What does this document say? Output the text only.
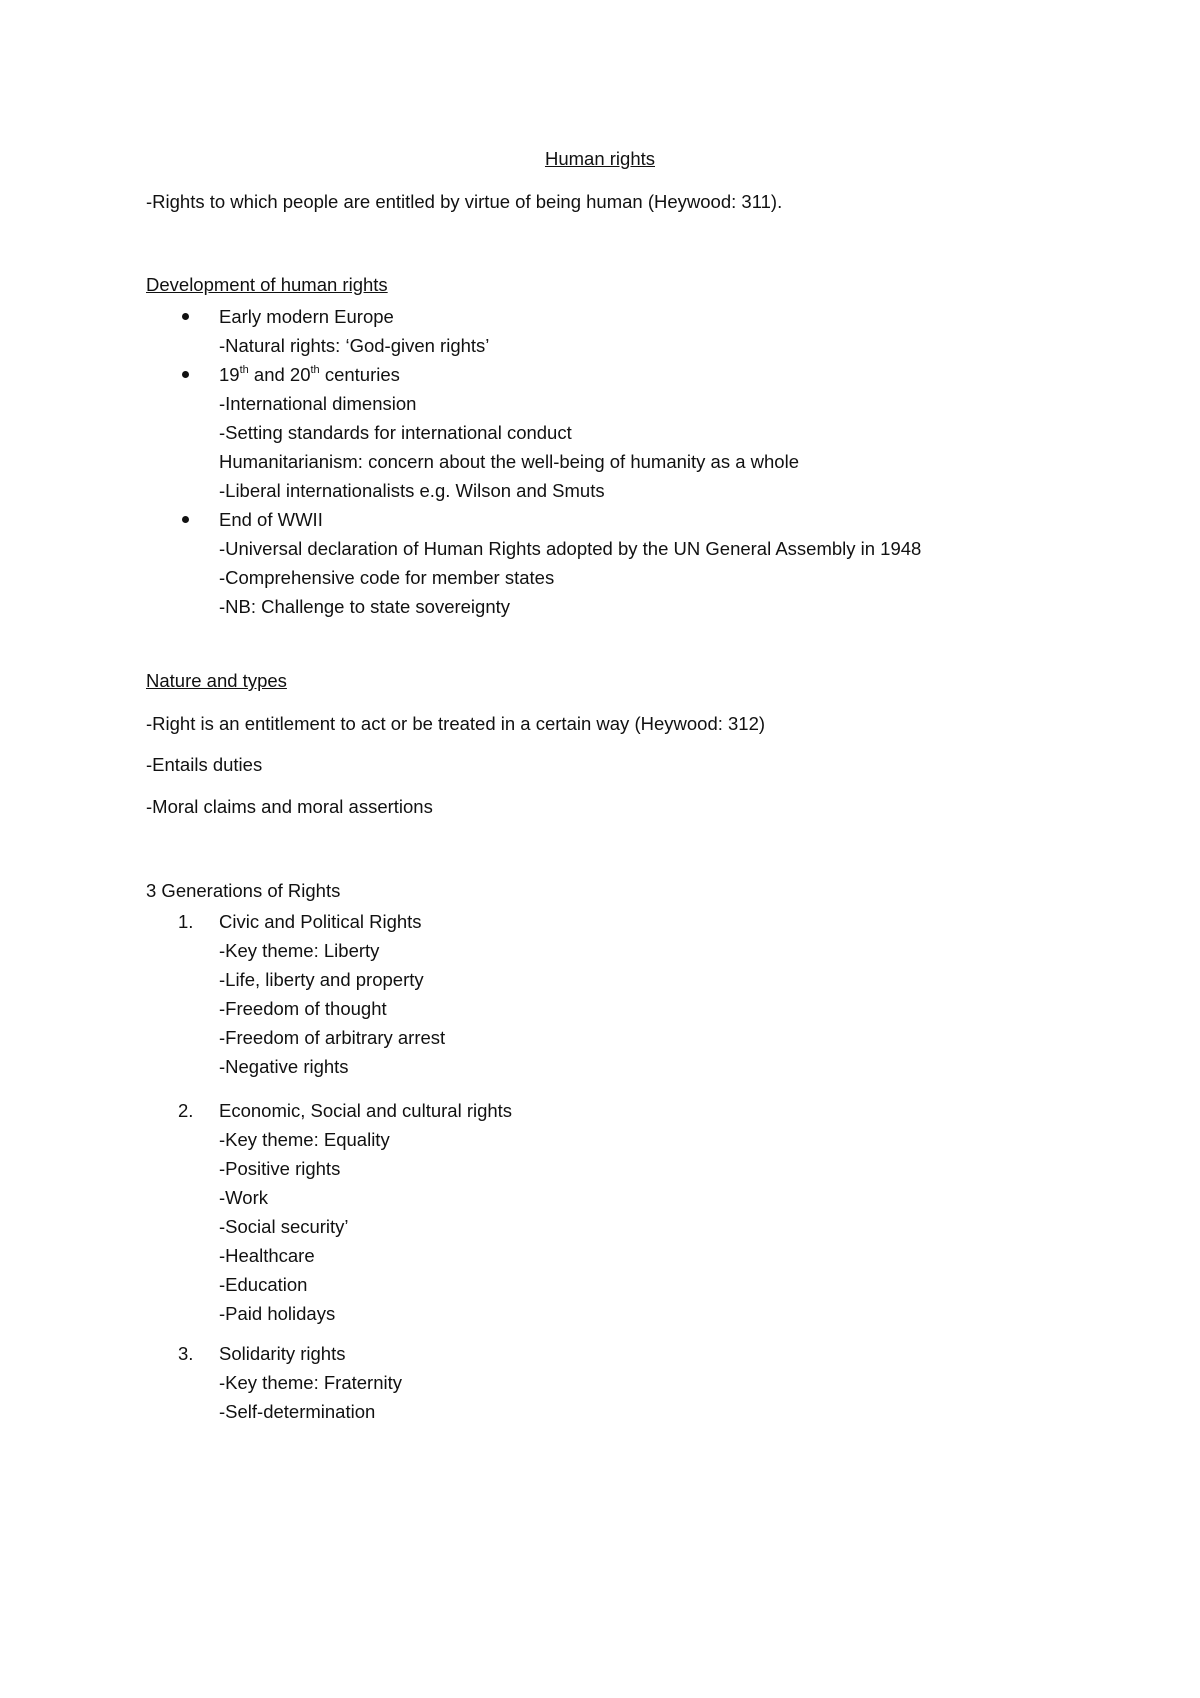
Human rights
-Rights to which people are entitled by virtue of being human (Heywood: 311).
Development of human rights
Early modern Europe
-Natural rights: ‘God-given rights’
19th and 20th centuries
-International dimension
-Setting standards for international conduct
Humanitarianism: concern about the well-being of humanity as a whole
-Liberal internationalists e.g. Wilson and Smuts
End of WWII
-Universal declaration of Human Rights adopted by the UN General Assembly in 1948
-Comprehensive code for member states
-NB: Challenge to state sovereignty
Nature and types
-Right is an entitlement to act or be treated in a certain way (Heywood: 312)
-Entails duties
-Moral claims and moral assertions
3 Generations of Rights
1.	Civic and Political Rights
-Key theme: Liberty
-Life, liberty and property
-Freedom of thought
-Freedom of arbitrary arrest
-Negative rights
2.	Economic, Social and cultural rights
-Key theme: Equality
-Positive rights
-Work
-Social security’
-Healthcare
-Education
-Paid holidays
3.	Solidarity rights
-Key theme: Fraternity
-Self-determination
